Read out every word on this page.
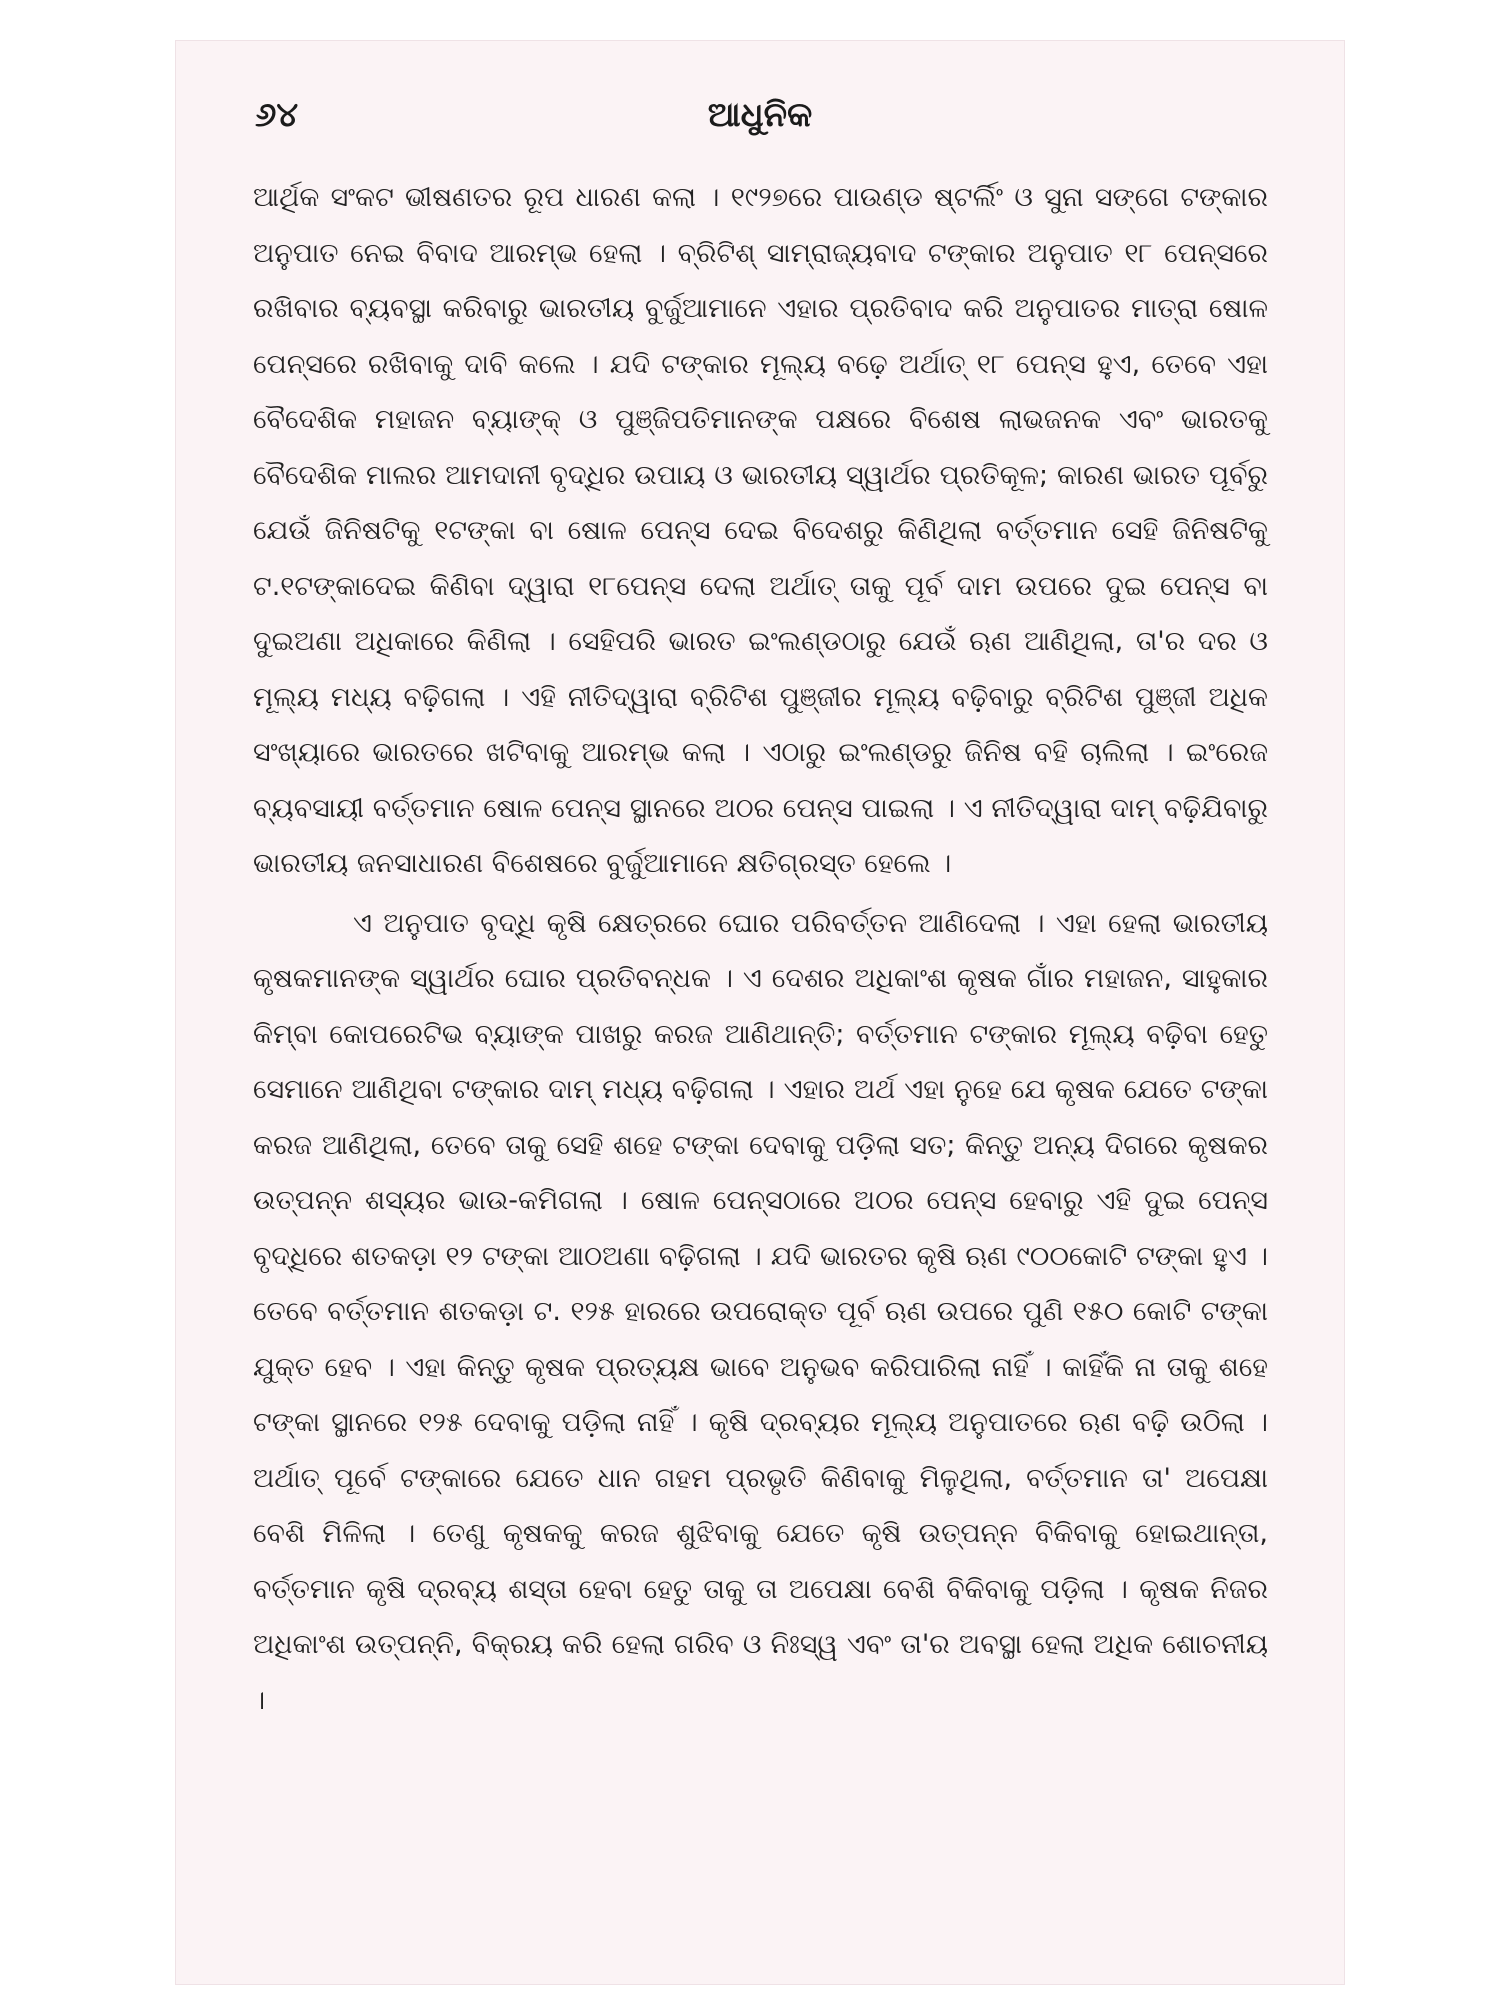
୬୪	ଆଧୁନିକ

ଆର୍ଥିକ ସଂକଟ ଭୀଷଣତର ରୂପ ଧାରଣ କଲା । ୧୯୨୭ରେ ପାଉଣ୍ଡ ଷ୍ଟର୍ଲିଂ ଓ ସୁନା ସଙ୍ଗେ ଟଙ୍କାର ଅନୁପାତ ନେଇ ବିବାଦ ଆରମ୍ଭ ହେଲା । ବ୍ରିଟିଶ୍ ସାମ୍ରାଜ୍ୟବାଦ ଟଙ୍କାର ଅନୁପାତ ୧୮ ପେନ୍ସରେ ରଖିବାର ବ୍ୟବସ୍ଥା କରିବାରୁ ଭାରତୀୟ ବୁର୍ଜୁଆମାନେ ଏହାର ପ୍ରତିବାଦ କରି ଅନୁପାତର ମାତ୍ରା ଷୋଳ ପେନ୍ସରେ ରଖିବାକୁ ଦାବି କଲେ । ଯଦି ଟଙ୍କାର ମୂଲ୍ୟ ବଢ଼େ ଅର୍ଥାତ୍ ୧୮ ପେନ୍ସ ହୁଏ, ତେବେ ଏହା ବୈଦେଶିକ ମହାଜନ ବ୍ୟାଙ୍କ୍ ଓ ପୁଞ୍ଜିପତିମାନଙ୍କ ପକ୍ଷରେ ବିଶେଷ ଲାଭଜନକ ଏବଂ ଭାରତକୁ ବୈଦେଶିକ ମାଲର ଆମଦାନୀ ବୃଦ୍ଧିର ଉପାୟ ଓ ଭାରତୀୟ ସ୍ୱାର୍ଥର ପ୍ରତିକୂଳ; କାରଣ ଭାରତ ପୂର୍ବରୁ ଯେଉଁ ଜିନିଷଟିକୁ ୧ଟଙ୍କା ବା ଷୋଳ ପେନ୍ସ ଦେଇ ବିଦେଶରୁ କିଣିଥିଲା ବର୍ତ୍ତମାନ ସେହି ଜିନିଷଟିକୁ ଟ.୧ଟଙ୍କାଦେଇ କିଣିବା ଦ୍ୱାରା ୧୮ପେନ୍ସ ଦେଲା ଅର୍ଥାତ୍ ତାକୁ ପୂର୍ବ ଦାମ ଉପରେ ଦୁଇ ପେନ୍ସ ବା ଦୁଇଅଣା ଅଧିକାରେ କିଣିଲା । ସେହିପରି ଭାରତ ଇଂଲଣ୍ଡଠାରୁ ଯେଉଁ ଋଣ ଆଣିଥିଲା, ତା'ର ଦର ଓ ମୂଲ୍ୟ ମଧ୍ୟ ବଢ଼ିଗଲା । ଏହି ନୀତିଦ୍ୱାରା ବ୍ରିଟିଶ ପୁଞ୍ଜୀର ମୂଲ୍ୟ ବଢ଼ିବାରୁ ବ୍ରିଟିଶ ପୁଞ୍ଜୀ ଅଧିକ ସଂଖ୍ୟାରେ ଭାରତରେ ଖଟିବାକୁ ଆରମ୍ଭ କଲା । ଏଠାରୁ ଇଂଲଣ୍ଡରୁ ଜିନିଷ ବହି ଚାଲିଲା । ଇଂରେଜ ବ୍ୟବସାୟୀ ବର୍ତ୍ତମାନ ଷୋଳ ପେନ୍ସ ସ୍ଥାନରେ ଅଠର ପେନ୍ସ ପାଇଲା । ଏ ନୀତିଦ୍ୱାରା ଦାମ୍ ବଢ଼ିଯିବାରୁ ଭାରତୀୟ ଜନସାଧାରଣ ବିଶେଷରେ ବୁର୍ଜୁଆମାନେ କ୍ଷତିଗ୍ରସ୍ତ ହେଲେ ।

ଏ ଅନୁପାତ ବୃଦ୍ଧି କୃଷି କ୍ଷେତ୍ରରେ ଘୋର ପରିବର୍ତ୍ତନ ଆଣିଦେଲା । ଏହା ହେଲା ଭାରତୀୟ କୃଷକମାନଙ୍କ ସ୍ୱାର୍ଥର ଘୋର ପ୍ରତିବନ୍ଧକ । ଏ ଦେଶର ଅଧିକାଂଶ କୃଷକ ଗାଁର ମହାଜନ, ସାହୁକାର କିମ୍ବା କୋପରେଟିଭ ବ୍ୟାଙ୍କ ପାଖରୁ କରଜ ଆଣିଥାନ୍ତି; ବର୍ତ୍ତମାନ ଟଙ୍କାର ମୂଲ୍ୟ ବଢ଼ିବା ହେତୁ ସେମାନେ ଆଣିଥିବା ଟଙ୍କାର ଦାମ୍ ମଧ୍ୟ ବଢ଼ିଗଲା । ଏହାର ଅର୍ଥ ଏହା ନୁହେ ଯେ କୃଷକ ଯେତେ ଟଙ୍କା କରଜ ଆଣିଥିଲା, ତେବେ ତାକୁ ସେହି ଶହେ ଟଙ୍କା ଦେବାକୁ ପଡ଼ିଲା ସତ; କିନ୍ତୁ ଅନ୍ୟ ଦିଗରେ କୃଷକର ଉତ୍ପନ୍ନ ଶସ୍ୟର ଭାଉ-କମିଗଲା । ଷୋଳ ପେନ୍ସଠାରେ ଅଠର ପେନ୍ସ ହେବାରୁ ଏହି ଦୁଇ ପେନ୍ସ ବୃଦ୍ଧିରେ ଶତକଡ଼ା ୧୨ ଟଙ୍କା ଆଠଅଣା ବଢ଼ିଗଲା । ଯଦି ଭାରତର କୃଷି ଋଣ ୯୦୦କୋଟି ଟଙ୍କା ହୁଏ । ତେବେ ବର୍ତ୍ତମାନ ଶତକଡ଼ା ଟ. ୧୨୫ ହାରରେ ଉପରୋକ୍ତ ପୂର୍ବ ଋଣ ଉପରେ ପୁଣି ୧୫୦ କୋଟି ଟଙ୍କା ଯୁକ୍ତ ହେବ । ଏହା କିନ୍ତୁ କୃଷକ ପ୍ରତ୍ୟକ୍ଷ ଭାବେ ଅନୁଭବ କରିପାରିଲା ନାହିଁ । କାହିଁକି ନା ତାକୁ ଶହେ ଟଙ୍କା ସ୍ଥାନରେ ୧୨୫ ଦେବାକୁ ପଡ଼ିଲା ନାହିଁ । କୃଷି ଦ୍ରବ୍ୟର ମୂଲ୍ୟ ଅନୁପାତରେ ଋଣ ବଢ଼ି ଉଠିଲା । ଅର୍ଥାତ୍ ପୂର୍ବେ ଟଙ୍କାରେ ଯେତେ ଧାନ ଗହମ ପ୍ରଭୃତି କିଣିବାକୁ ମିଳୁଥିଲା, ବର୍ତ୍ତମାନ ତା' ଅପେକ୍ଷା ବେଶି ମିଳିଲା । ତେଣୁ କୃଷକକୁ କରଜ ଶୁଝିବାକୁ ଯେତେ କୃଷି ଉତ୍ପନ୍ନ ବିକିବାକୁ ହୋଇଥାନ୍ତା, ବର୍ତ୍ତମାନ କୃଷି ଦ୍ରବ୍ୟ ଶସ୍ତା ହେବା ହେତୁ ତାକୁ ତା ଅପେକ୍ଷା ବେଶି ବିକିବାକୁ ପଡ଼ିଲା । କୃଷକ ନିଜର ଅଧିକାଂଶ ଉତ୍ପନ୍ନି, ବିକ୍ରୟ କରି ହେଲା ଗରିବ ଓ ନିଃସ୍ୱ ଏବଂ ତା'ର ଅବସ୍ଥା ହେଲା ଅଧିକ ଶୋଚନୀୟ ।
